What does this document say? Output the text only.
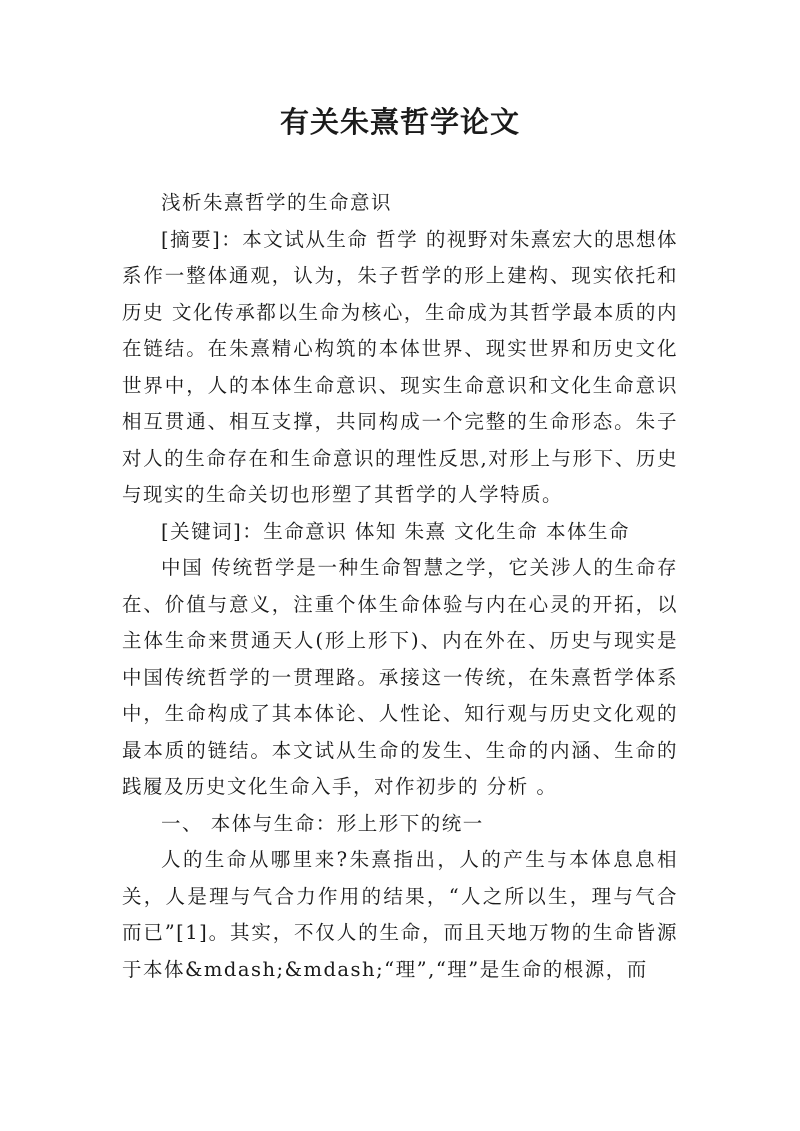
有关朱熹哲学论文

浅析朱熹哲学的生命意识

[摘要]：本文试从生命 哲学 的视野对朱熹宏大的思想体系作一整体通观，认为，朱子哲学的形上建构、现实依托和 历史 文化传承都以生命为核心，生命成为其哲学最本质的内在链结。在朱熹精心构筑的本体世界、现实世界和历史文化世界中，人的本体生命意识、现实生命意识和文化生命意识相互贯通、相互支撑，共同构成一个完整的生命形态。朱子对人的生命存在和生命意识的理性反思,对形上与形下、历史与现实的生命关切也形塑了其哲学的人学特质。

[关键词]：生命意识 体知 朱熹 文化生命 本体生命

中国 传统哲学是一种生命智慧之学，它关涉人的生命存在、价值与意义，注重个体生命体验与内在心灵的开拓，以主体生命来贯通天人(形上形下)、内在外在、历史与现实是中国传统哲学的一贯理路。承接这一传统，在朱熹哲学体系中，生命构成了其本体论、人性论、知行观与历史文化观的最本质的链结。本文试从生命的发生、生命的内涵、生命的践履及历史文化生命入手，对作初步的 分析 。

一、 本体与生命：形上形下的统一

人的生命从哪里来?朱熹指出，人的产生与本体息息相关，人是理与气合力作用的结果，“人之所以生，理与气合而已”[1]。其实，不仅人的生命，而且天地万物的生命皆源于本体&mdash;&mdash;“理”,“理”是生命的根源，而
